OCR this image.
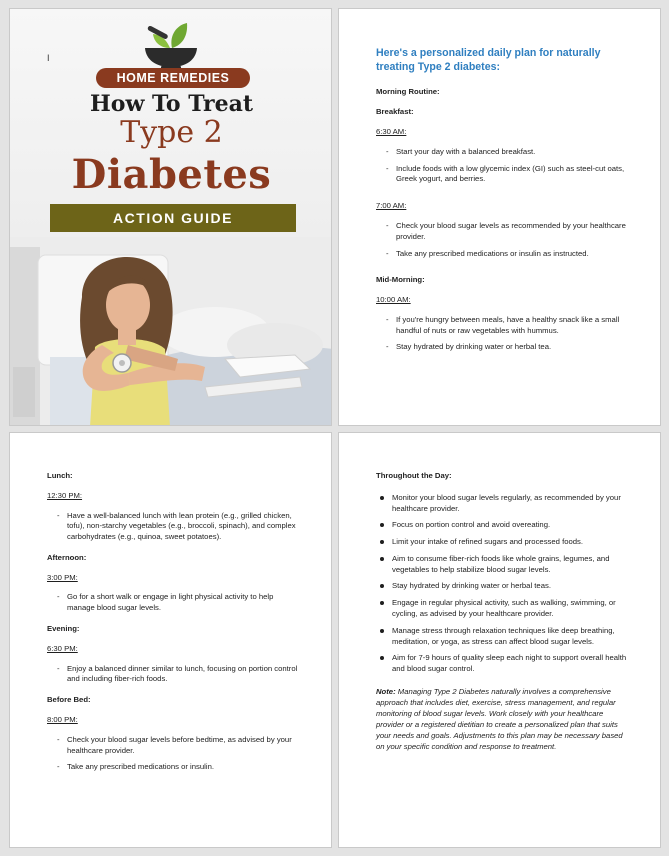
I
HOME REMEDIES
How To Treat
Type 2
Diabetes
ACTION GUIDE
Here's a personalized daily plan for naturally treating Type 2 diabetes:
Morning Routine:
Breakfast:
6:30 AM:
- Start your day with a balanced breakfast.
- Include foods with a low glycemic index (GI) such as steel-cut oats, Greek yogurt, and berries.
7:00 AM:
- Check your blood sugar levels as recommended by your healthcare provider.
- Take any prescribed medications or insulin as instructed.
Mid-Morning:
10:00 AM:
- If you're hungry between meals, have a healthy snack like a small handful of nuts or raw vegetables with hummus.
- Stay hydrated by drinking water or herbal tea.
Lunch:
12:30 PM:
- Have a well-balanced lunch with lean protein (e.g., grilled chicken, tofu), non-starchy vegetables (e.g., broccoli, spinach), and complex carbohydrates (e.g., quinoa, sweet potatoes).
Afternoon:
3:00 PM:
- Go for a short walk or engage in light physical activity to help manage blood sugar levels.
Evening:
6:30 PM:
- Enjoy a balanced dinner similar to lunch, focusing on portion control and including fiber-rich foods.
Before Bed:
8:00 PM:
- Check your blood sugar levels before bedtime, as advised by your healthcare provider.
- Take any prescribed medications or insulin.
Throughout the Day:
Monitor your blood sugar levels regularly, as recommended by your healthcare provider.
Focus on portion control and avoid overeating.
Limit your intake of refined sugars and processed foods.
Aim to consume fiber-rich foods like whole grains, legumes, and vegetables to help stabilize blood sugar levels.
Stay hydrated by drinking water or herbal teas.
Engage in regular physical activity, such as walking, swimming, or cycling, as advised by your healthcare provider.
Manage stress through relaxation techniques like deep breathing, meditation, or yoga, as stress can affect blood sugar levels.
Aim for 7-9 hours of quality sleep each night to support overall health and blood sugar control.

Note: Managing Type 2 Diabetes naturally involves a comprehensive approach that includes diet, exercise, stress management, and regular monitoring of blood sugar levels. Work closely with your healthcare provider or a registered dietitian to create a personalized plan that suits your needs and goals. Adjustments to this plan may be necessary based on your specific condition and response to treatment.
